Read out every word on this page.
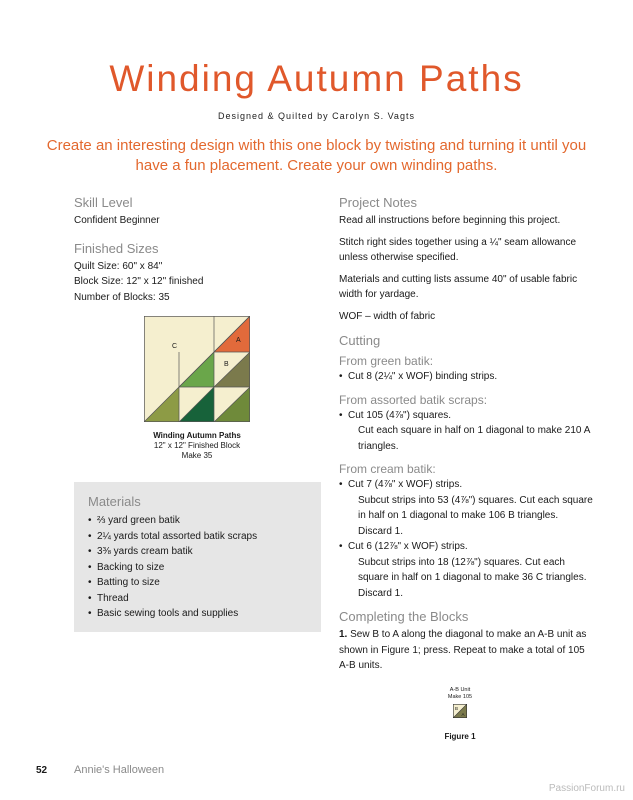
Winding Autumn Paths
Designed & Quilted by Carolyn S. Vagts
Create an interesting design with this one block by twisting and turning it until you have a fun placement. Create your own winding paths.
Skill Level
Confident Beginner
Finished Sizes
Quilt Size: 60" x 84"
Block Size: 12" x 12" finished
Number of Blocks: 35
A
B
C
Winding Autumn Paths
12" x 12" Finished Block
Make 35
Materials
• ⅔ yard green batik
• 2¼ yards total assorted batik scraps
• 3⅜ yards cream batik
• Backing to size
• Batting to size
• Thread
• Basic sewing tools and supplies
Project Notes
Read all instructions before beginning this project.
Stitch right sides together using a ¼" seam allowance unless otherwise specified.
Materials and cutting lists assume 40" of usable fabric width for yardage.
WOF – width of fabric
Cutting
From green batik:
• Cut 8 (2¼" x WOF) binding strips.
From assorted batik scraps:
• Cut 105 (4⅞") squares.
Cut each square in half on 1 diagonal to make 210 A triangles.
From cream batik:
• Cut 7 (4⅞" x WOF) strips.
Subcut strips into 53 (4⅞") squares. Cut each square in half on 1 diagonal to make 106 B triangles. Discard 1.
• Cut 6 (12⅞" x WOF) strips.
Subcut strips into 18 (12⅞") squares. Cut each square in half on 1 diagonal to make 36 C triangles. Discard 1.
Completing the Blocks
1. Sew B to A along the diagonal to make an A-B unit as shown in Figure 1; press. Repeat to make a total of 105 A-B units.
A-B Unit
Make 105
B
A
Figure 1
52 Annie's Halloween
PassionForum.ru
